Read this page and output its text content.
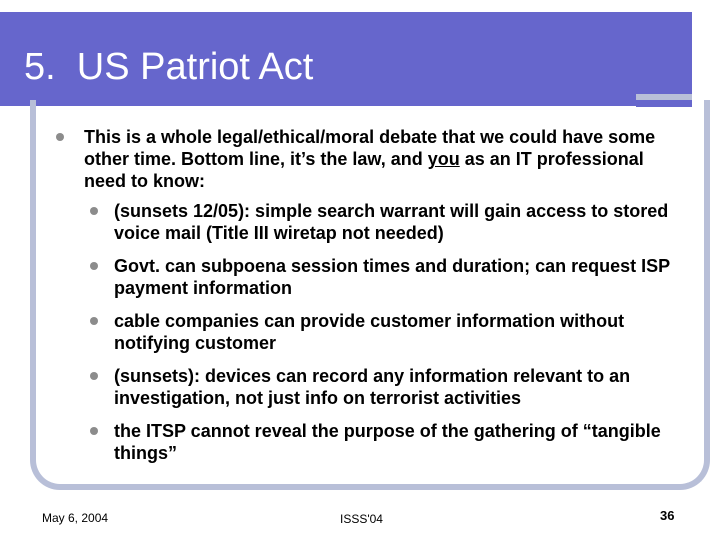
5.  US Patriot Act
This is a whole legal/ethical/moral debate that we could have some other time. Bottom line, it’s the law, and you as an IT professional need to know:
(sunsets 12/05): simple search warrant will gain access to stored voice mail (Title III wiretap not needed)
Govt. can subpoena session times and duration; can request ISP payment information
cable companies can provide customer information without notifying customer
(sunsets): devices can record any information relevant to an investigation, not just info on terrorist activities
the ITSP cannot reveal the purpose of the gathering of “tangible things”
May 6, 2004	ISSS'04	36
